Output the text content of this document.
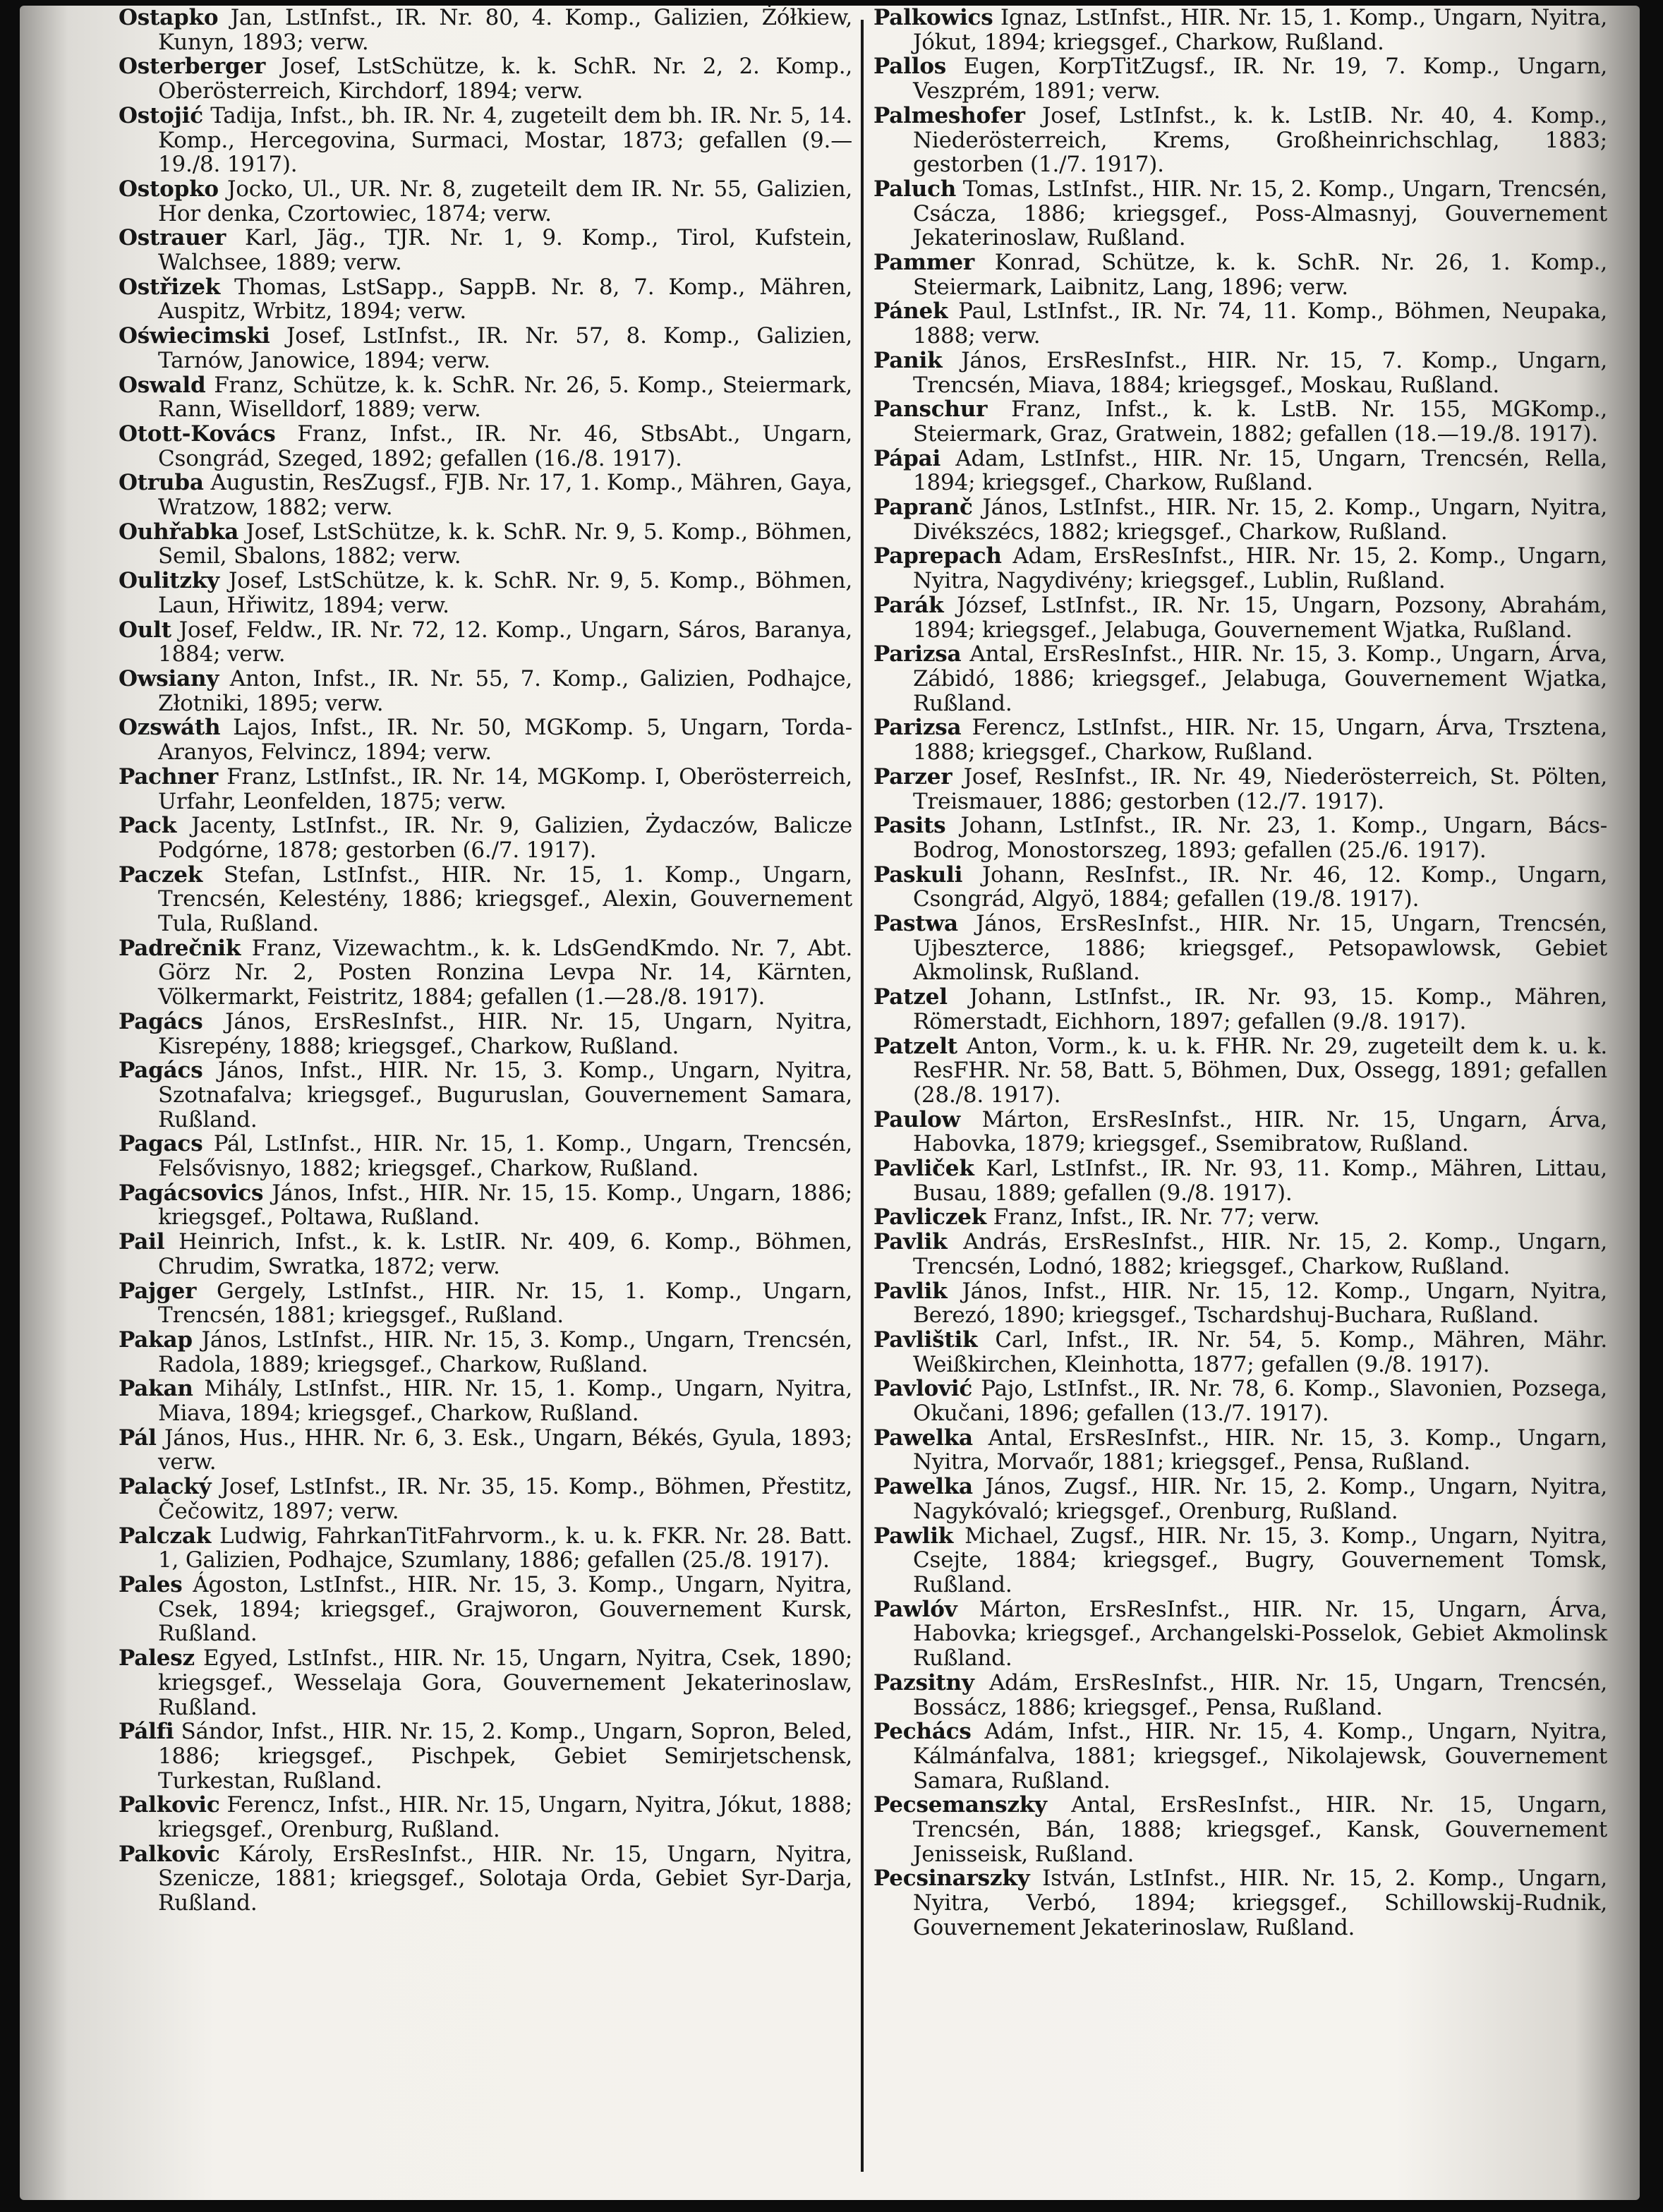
Ostapko Jan, LstInfst., IR. Nr. 80, 4. Komp., Galizien, Żółkiew, Kunyn, 1893; verw.

Osterberger Josef, LstSchütze, k. k. SchR. Nr. 2, 2. Komp., Oberösterreich, Kirchdorf, 1894; verw.

Ostojić Tadija, Infst., bh. IR. Nr. 4, zugeteilt dem bh. IR. Nr. 5, 14. Komp., Hercegovina, Surmaci, Mostar, 1873; gefallen (9.—19./8. 1917).

Ostopko Jocko, Ul., UR. Nr. 8, zugeteilt dem IR. Nr. 55, Galizien, Hor denka, Czortowiec, 1874; verw.

Ostrauer Karl, Jäg., TJR. Nr. 1, 9. Komp., Tirol, Kufstein, Walchsee, 1889; verw.

Ostřizek Thomas, LstSapp., SappB. Nr. 8, 7. Komp., Mähren, Auspitz, Wrbitz, 1894; verw.

Oświecimski Josef, LstInfst., IR. Nr. 57, 8. Komp., Galizien, Tarnów, Janowice, 1894; verw.

Oswald Franz, Schütze, k. k. SchR. Nr. 26, 5. Komp., Steiermark, Rann, Wiselldorf, 1889; verw.

Otott-Kovács Franz, Infst., IR. Nr. 46, StbsAbt., Ungarn, Csongrád, Szeged, 1892; gefallen (16./8. 1917).

Otruba Augustin, ResZugsf., FJB. Nr. 17, 1. Komp., Mähren, Gaya, Wratzow, 1882; verw.

Ouhřabka Josef, LstSchütze, k. k. SchR. Nr. 9, 5. Komp., Böhmen, Semil, Sbalons, 1882; verw.

Oulitzky Josef, LstSchütze, k. k. SchR. Nr. 9, 5. Komp., Böhmen, Laun, Hřiwitz, 1894; verw.

Oult Josef, Feldw., IR. Nr. 72, 12. Komp., Ungarn, Sáros, Baranya, 1884; verw.

Owsiany Anton, Infst., IR. Nr. 55, 7. Komp., Galizien, Podhajce, Złotniki, 1895; verw.

Ozswáth Lajos, Infst., IR. Nr. 50, MGKomp. 5, Ungarn, Torda-Aranyos, Felvincz, 1894; verw.

Pachner Franz, LstInfst., IR. Nr. 14, MGKomp. I, Oberösterreich, Urfahr, Leonfelden, 1875; verw.

Pack Jacenty, LstInfst., IR. Nr. 9, Galizien, Żydaczów, Balicze Podgórne, 1878; gestorben (6./7. 1917).

Paczek Stefan, LstInfst., HIR. Nr. 15, 1. Komp., Ungarn, Trencsén, Kelestény, 1886; kriegsgef., Alexin, Gouvernement Tula, Rußland.

Padrečnik Franz, Vizewachtm., k. k. LdsGendKmdo. Nr. 7, Abt. Görz Nr. 2, Posten Ronzina Levpa Nr. 14, Kärnten, Völkermarkt, Feistritz, 1884; gefallen (1.—28./8. 1917).

Pagács János, ErsResInfst., HIR. Nr. 15, Ungarn, Nyitra, Kisrepény, 1888; kriegsgef., Charkow, Rußland.

Pagács János, Infst., HIR. Nr. 15, 3. Komp., Ungarn, Nyitra, Szotnafalva; kriegsgef., Buguruslan, Gouvernement Samara, Rußland.

Pagacs Pál, LstInfst., HIR. Nr. 15, 1. Komp., Ungarn, Trencsén, Felsővisnyo, 1882; kriegsgef., Charkow, Rußland.

Pagácsovics János, Infst., HIR. Nr. 15, 15. Komp., Ungarn, 1886; kriegsgef., Poltawa, Rußland.

Pail Heinrich, Infst., k. k. LstIR. Nr. 409, 6. Komp., Böhmen, Chrudim, Swratka, 1872; verw.

Pajger Gergely, LstInfst., HIR. Nr. 15, 1. Komp., Ungarn, Trencsén, 1881; kriegsgef., Rußland.

Pakap János, LstInfst., HIR. Nr. 15, 3. Komp., Ungarn, Trencsén, Radola, 1889; kriegsgef., Charkow, Rußland.

Pakan Mihály, LstInfst., HIR. Nr. 15, 1. Komp., Ungarn, Nyitra, Miava, 1894; kriegsgef., Charkow, Rußland.

Pál János, Hus., HHR. Nr. 6, 3. Esk., Ungarn, Békés, Gyula, 1893; verw.

Palacký Josef, LstInfst., IR. Nr. 35, 15. Komp., Böhmen, Přestitz, Čečowitz, 1897; verw.

Palczak Ludwig, FahrkanTitFahrvorm., k. u. k. FKR. Nr. 28. Batt. 1, Galizien, Podhajce, Szumlany, 1886; gefallen (25./8. 1917).

Pales Ágoston, LstInfst., HIR. Nr. 15, 3. Komp., Ungarn, Nyitra, Csek, 1894; kriegsgef., Grajworon, Gouvernement Kursk, Rußland.

Palesz Egyed, LstInfst., HIR. Nr. 15, Ungarn, Nyitra, Csek, 1890; kriegsgef., Wesselaja Gora, Gouvernement Jekaterinoslaw, Rußland.

Pálfi Sándor, Infst., HIR. Nr. 15, 2. Komp., Ungarn, Sopron, Beled, 1886; kriegsgef., Pischpek, Gebiet Semirjetschensk, Turkestan, Rußland.

Palkovic Ferencz, Infst., HIR. Nr. 15, Ungarn, Nyitra, Jókut, 1888; kriegsgef., Orenburg, Rußland.

Palkovic Károly, ErsResInfst., HIR. Nr. 15, Ungarn, Nyitra, Szenicze, 1881; kriegsgef., Solotaja Orda, Gebiet Syr-Darja, Rußland.

Palkowics Ignaz, LstInfst., HIR. Nr. 15, 1. Komp., Ungarn, Nyitra, Jókut, 1894; kriegsgef., Charkow, Rußland.

Pallos Eugen, KorpTitZugsf., IR. Nr. 19, 7. Komp., Ungarn, Veszprém, 1891; verw.

Palmeshofer Josef, LstInfst., k. k. LstIB. Nr. 40, 4. Komp., Niederösterreich, Krems, Großheinrichschlag, 1883; gestorben (1./7. 1917).

Paluch Tomas, LstInfst., HIR. Nr. 15, 2. Komp., Ungarn, Trencsén, Csácza, 1886; kriegsgef., Poss-Almasnyj, Gouvernement Jekaterinoslaw, Rußland.

Pammer Konrad, Schütze, k. k. SchR. Nr. 26, 1. Komp., Steiermark, Laibnitz, Lang, 1896; verw.

Pánek Paul, LstInfst., IR. Nr. 74, 11. Komp., Böhmen, Neupaka, 1888; verw.

Panik János, ErsResInfst., HIR. Nr. 15, 7. Komp., Ungarn, Trencsén, Miava, 1884; kriegsgef., Moskau, Rußland.

Panschur Franz, Infst., k. k. LstB. Nr. 155, MGKomp., Steiermark, Graz, Gratwein, 1882; gefallen (18.—19./8. 1917).

Pápai Adam, LstInfst., HIR. Nr. 15, Ungarn, Trencsén, Rella, 1894; kriegsgef., Charkow, Rußland.

Papranč János, LstInfst., HIR. Nr. 15, 2. Komp., Ungarn, Nyitra, Divékszécs, 1882; kriegsgef., Charkow, Rußland.

Paprepach Adam, ErsResInfst., HIR. Nr. 15, 2. Komp., Ungarn, Nyitra, Nagydivény; kriegsgef., Lublin, Rußland.

Parák József, LstInfst., IR. Nr. 15, Ungarn, Pozsony, Abrahám, 1894; kriegsgef., Jelabuga, Gouvernement Wjatka, Rußland.

Parizsa Antal, ErsResInfst., HIR. Nr. 15, 3. Komp., Ungarn, Árva, Zábidó, 1886; kriegsgef., Jelabuga, Gouvernement Wjatka, Rußland.

Parizsa Ferencz, LstInfst., HIR. Nr. 15, Ungarn, Árva, Trsztena, 1888; kriegsgef., Charkow, Rußland.

Parzer Josef, ResInfst., IR. Nr. 49, Niederösterreich, St. Pölten, Treismauer, 1886; gestorben (12./7. 1917).

Pasits Johann, LstInfst., IR. Nr. 23, 1. Komp., Ungarn, Bács-Bodrog, Monostorszeg, 1893; gefallen (25./6. 1917).

Paskuli Johann, ResInfst., IR. Nr. 46, 12. Komp., Ungarn, Csongrád, Algyö, 1884; gefallen (19./8. 1917).

Pastwa János, ErsResInfst., HIR. Nr. 15, Ungarn, Trencsén, Ujbeszterce, 1886; kriegsgef., Petsopawlowsk, Gebiet Akmolinsk, Rußland.

Patzel Johann, LstInfst., IR. Nr. 93, 15. Komp., Mähren, Römerstadt, Eichhorn, 1897; gefallen (9./8. 1917).

Patzelt Anton, Vorm., k. u. k. FHR. Nr. 29, zugeteilt dem k. u. k. ResFHR. Nr. 58, Batt. 5, Böhmen, Dux, Ossegg, 1891; gefallen (28./8. 1917).

Paulow Márton, ErsResInfst., HIR. Nr. 15, Ungarn, Árva, Habovka, 1879; kriegsgef., Ssemibratow, Rußland.

Pavliček Karl, LstInfst., IR. Nr. 93, 11. Komp., Mähren, Littau, Busau, 1889; gefallen (9./8. 1917).

Pavliczek Franz, Infst., IR. Nr. 77; verw.

Pavlik András, ErsResInfst., HIR. Nr. 15, 2. Komp., Ungarn, Trencsén, Lodnó, 1882; kriegsgef., Charkow, Rußland.

Pavlik János, Infst., HIR. Nr. 15, 12. Komp., Ungarn, Nyitra, Berezó, 1890; kriegsgef., Tschardshuj-Buchara, Rußland.

Pavlištik Carl, Infst., IR. Nr. 54, 5. Komp., Mähren, Mähr. Weißkirchen, Kleinhotta, 1877; gefallen (9./8. 1917).

Pavlović Pajo, LstInfst., IR. Nr. 78, 6. Komp., Slavonien, Pozsega, Okučani, 1896; gefallen (13./7. 1917).

Pawelka Antal, ErsResInfst., HIR. Nr. 15, 3. Komp., Ungarn, Nyitra, Morvaőr, 1881; kriegsgef., Pensa, Rußland.

Pawelka János, Zugsf., HIR. Nr. 15, 2. Komp., Ungarn, Nyitra, Nagykóvaló; kriegsgef., Orenburg, Rußland.

Pawlik Michael, Zugsf., HIR. Nr. 15, 3. Komp., Ungarn, Nyitra, Csejte, 1884; kriegsgef., Bugry, Gouvernement Tomsk, Rußland.

Pawlóv Márton, ErsResInfst., HIR. Nr. 15, Ungarn, Árva, Habovka; kriegsgef., Archangelski-Posselok, Gebiet Akmolinsk Rußland.

Pazsitny Adám, ErsResInfst., HIR. Nr. 15, Ungarn, Trencsén, Bossácz, 1886; kriegsgef., Pensa, Rußland.

Pechács Adám, Infst., HIR. Nr. 15, 4. Komp., Ungarn, Nyitra, Kálmánfalva, 1881; kriegsgef., Nikolajewsk, Gouvernement Samara, Rußland.

Pecsemanszky Antal, ErsResInfst., HIR. Nr. 15, Ungarn, Trencsén, Bán, 1888; kriegsgef., Kansk, Gouvernement Jenisseisk, Rußland.

Pecsinarszky István, LstInfst., HIR. Nr. 15, 2. Komp., Ungarn, Nyitra, Verbó, 1894; kriegsgef., Schillowskij-Rudnik, Gouvernement Jekaterinoslaw, Rußland.
